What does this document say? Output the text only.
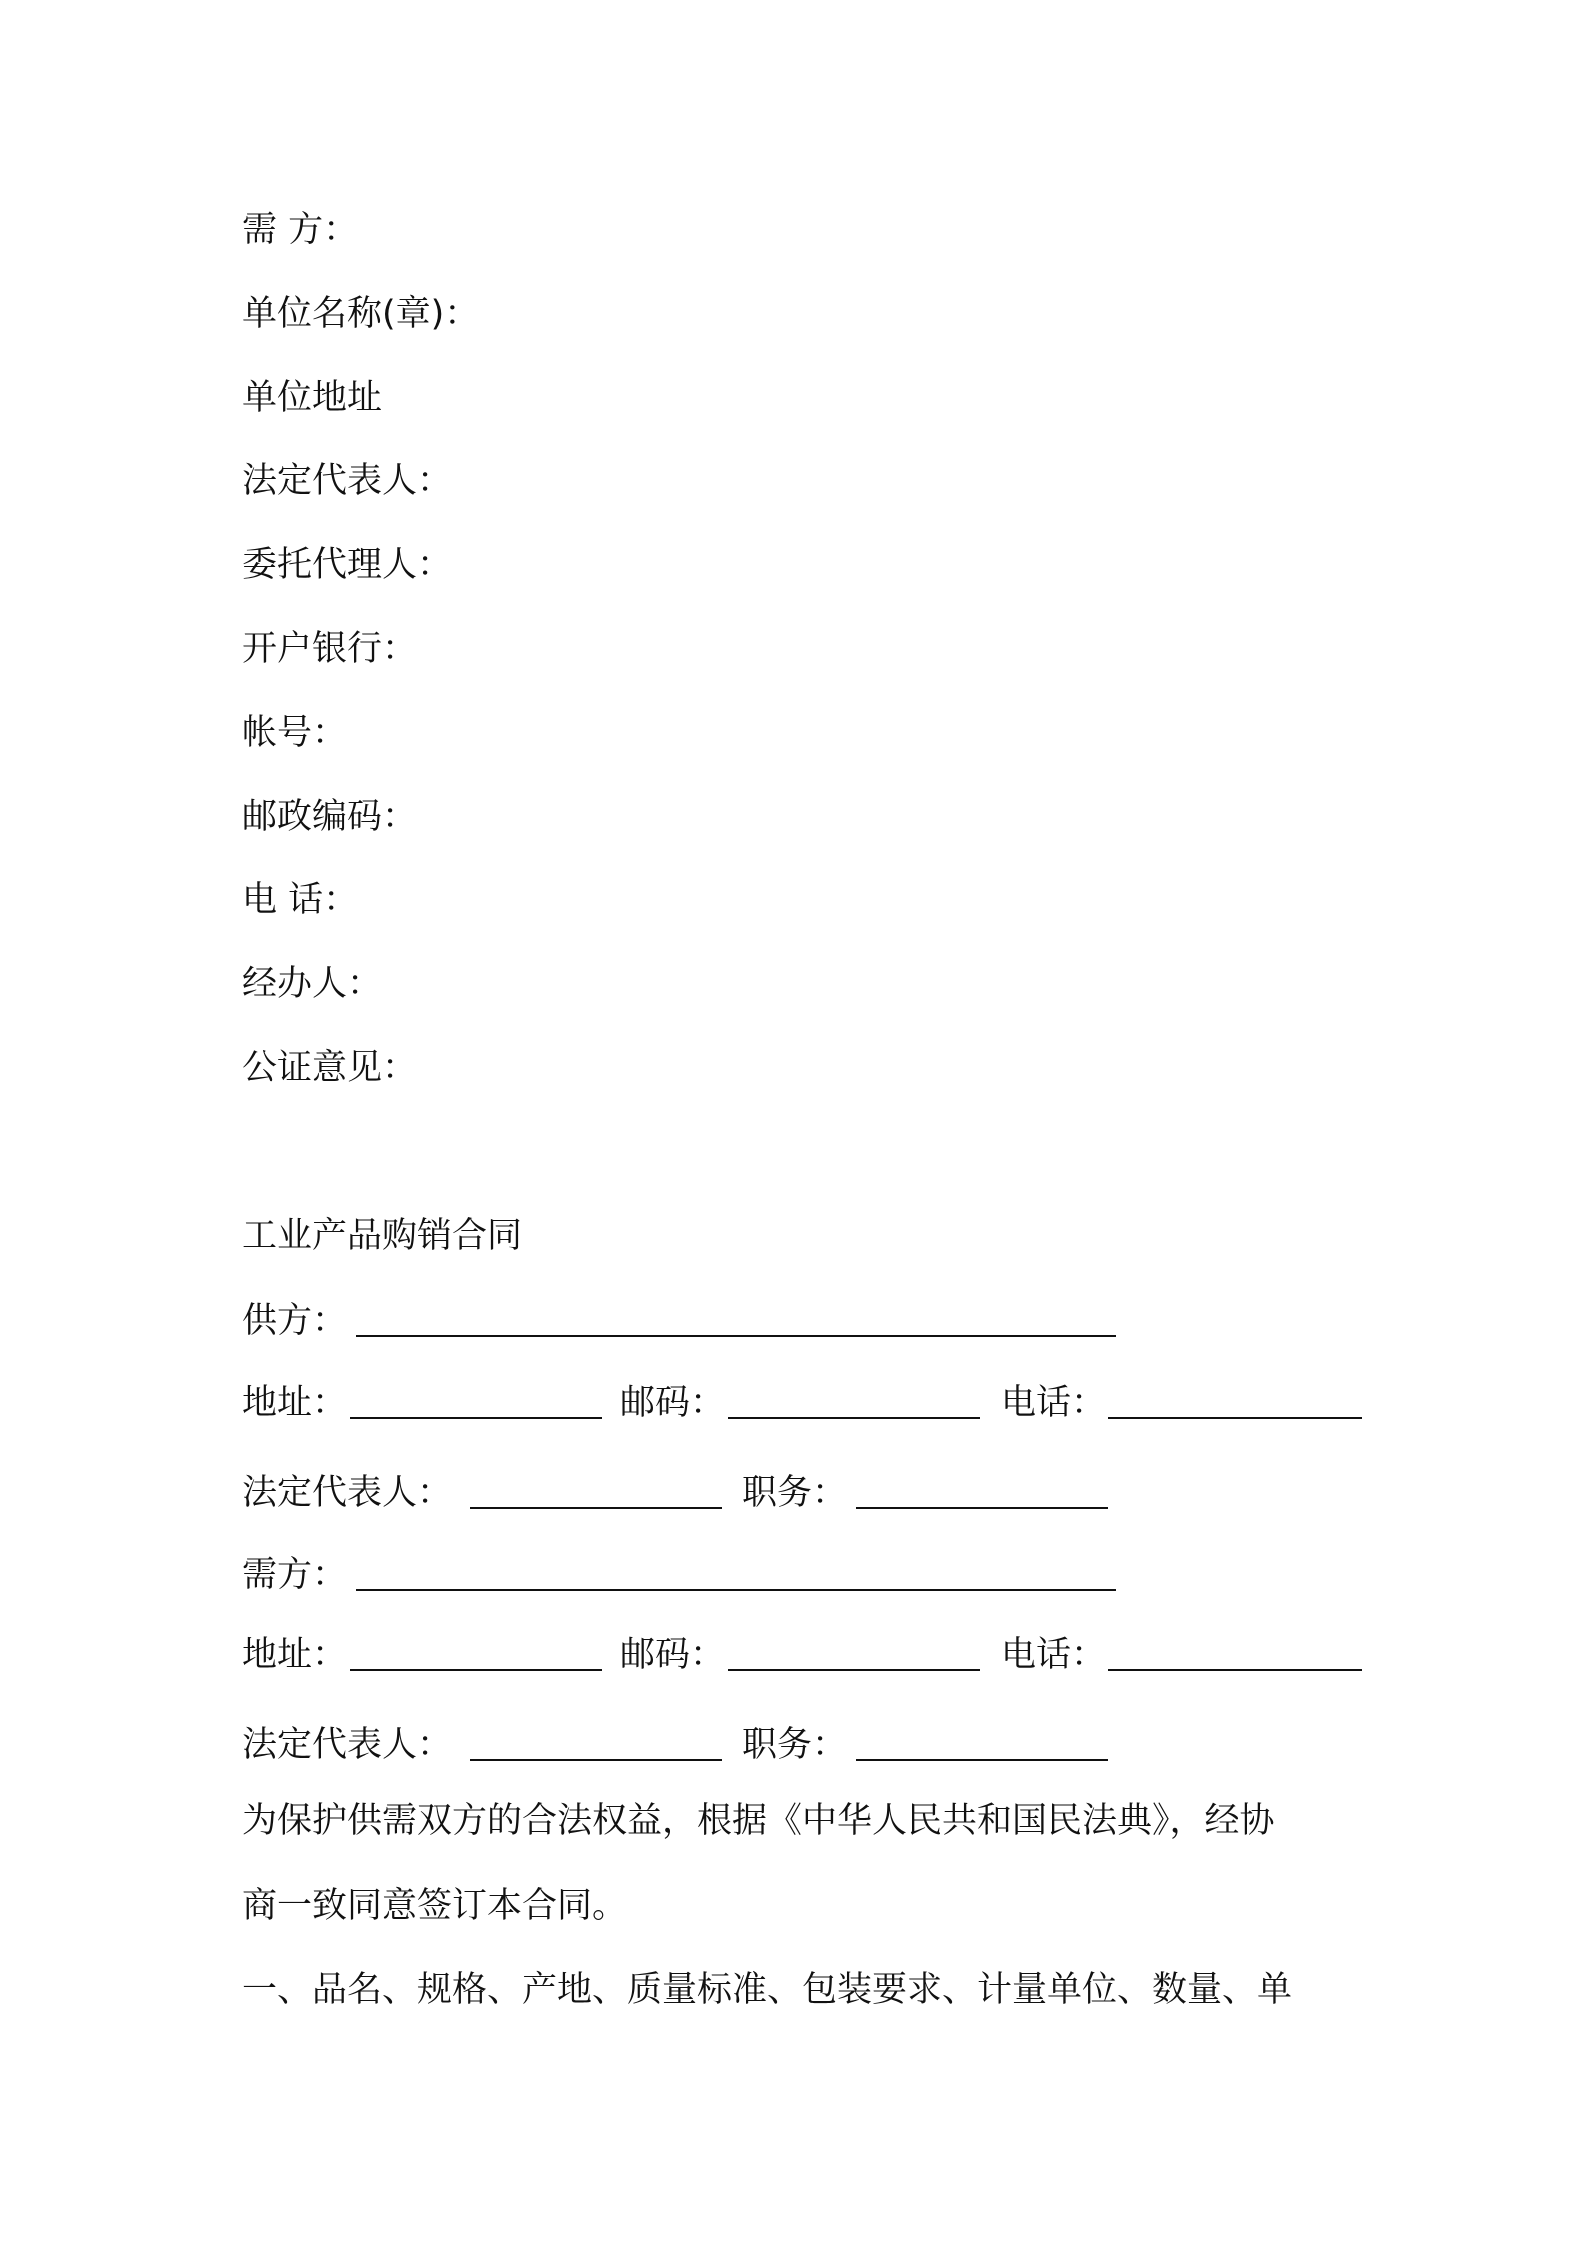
需 方：
单位名称(章)：
单位地址
法定代表人：
委托代理人：
开户银行：
帐号：
邮政编码：
电 话：
经办人：
公证意见：
工业产品购销合同
供方：
地址：	邮码：	电话：
法定代表人：	职务：
需方：
地址：	邮码：	电话：
法定代表人：	职务：
为保护供需双方的合法权益，根据《中华人民共和国民法典》，经协
商一致同意签订本合同。
一、品名、规格、产地、质量标准、包装要求、计量单位、数量、单
